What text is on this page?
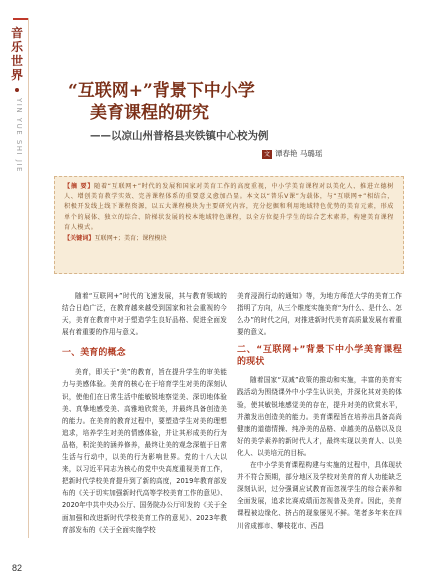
音乐世界
YIN YUE SHI JIE
82
“互联网+”背景下中小学
美育课程的研究
——以凉山州普格县夹铁镇中心校为例
文 谭春艳 马璐瑶
【摘 要】随着“互联网+”时代的发展和国家对美育工作的高度重视，中小学美育课程对以美化人、推进立德树人、增创美育教学实效、完善课程体系的重要意义愈加凸显。本文以“普乐V课”为载体，与“互联网+”相结合，积极开发线上线下课程资源，以五大课程模块为主要研究内容，充分挖掘和利用地域特色优势的美育元素，形成单个的展体、独立的综合、阶梯状发展的校本地域特色课程，以全方位提升学生的综合艺术素养，构建美育课程育人模式。
【关键词】互联网+；美育；课程模块

随着“互联网+”时代的飞速发展，其与教育领域的结合日趋广泛，在教育越来越受到国家和社会重视的今天，美育在教育中对于塑造学生良好品格、促进全面发展有着重要的作用与意义。

一、美育的概念

美育，即关于“美”的教育，旨在提升学生的审美能力与美感体验。美育的核心在于培育学生对美的深刻认识，使他们在日常生活中能敏锐地察觉美、深切地体验美、真挚地感受美、高雅地欣赏美，并最终具备创造美的能力。在美育的教育过程中，要塑造学生对美的理想追求，培养学生对美的情感体验，并让其形成美的行为品格，积淀美的涵养修养，最终让美的观念深植于日常生活与行动中，以美的行为影响世界。党的十八大以来，以习近平同志为核心的党中央高度重视美育工作，把新时代学校美育提升到了新的高度，2019年教育部发布的《关于切实加强新时代高等学校美育工作的意见》、2020年中共中央办公厅、国务院办公厅印发的《关于全面加强和改进新时代学校美育工作的意见》、2023年教育部发布的《关于全面实施学校

美育浸润行动的通知》等，为地方师范大学的美育工作指明了方向，从三个维度实施美育“为什么、是什么、怎么办”的时代之问，对推进新时代美育高质量发展有着重要的意义。

二、“互联网+”背景下中小学美育课程的现状

随着国家“双减”政策的推动和实施，丰富的美育实践活动为围绕课外中小学生认识美，并深化其对美的体验，使其敏锐地感觉美的存在，提升对美的欣赏水平，并激发出创造美的能力。美育课程旨在培养出具备高尚健康的道德情操、纯净美的品格、卓越美的品格以及良好的美学素养的新时代人才，最终实现以美育人、以美化人、以美培元的目标。

在中小学美育课程构建与实施的过程中，具体现状并不符合预期，部分地区及学校对美育的育人功能缺乏深刻认识，过分强调应试教育而忽视学生的综合素养和全面发展，追求比赛成绩而忽视普及美育。因此，美育课程被边缘化、挤占的现象屡见不鲜。笔者多年来在四川省成都市、攀枝花市、西昌
